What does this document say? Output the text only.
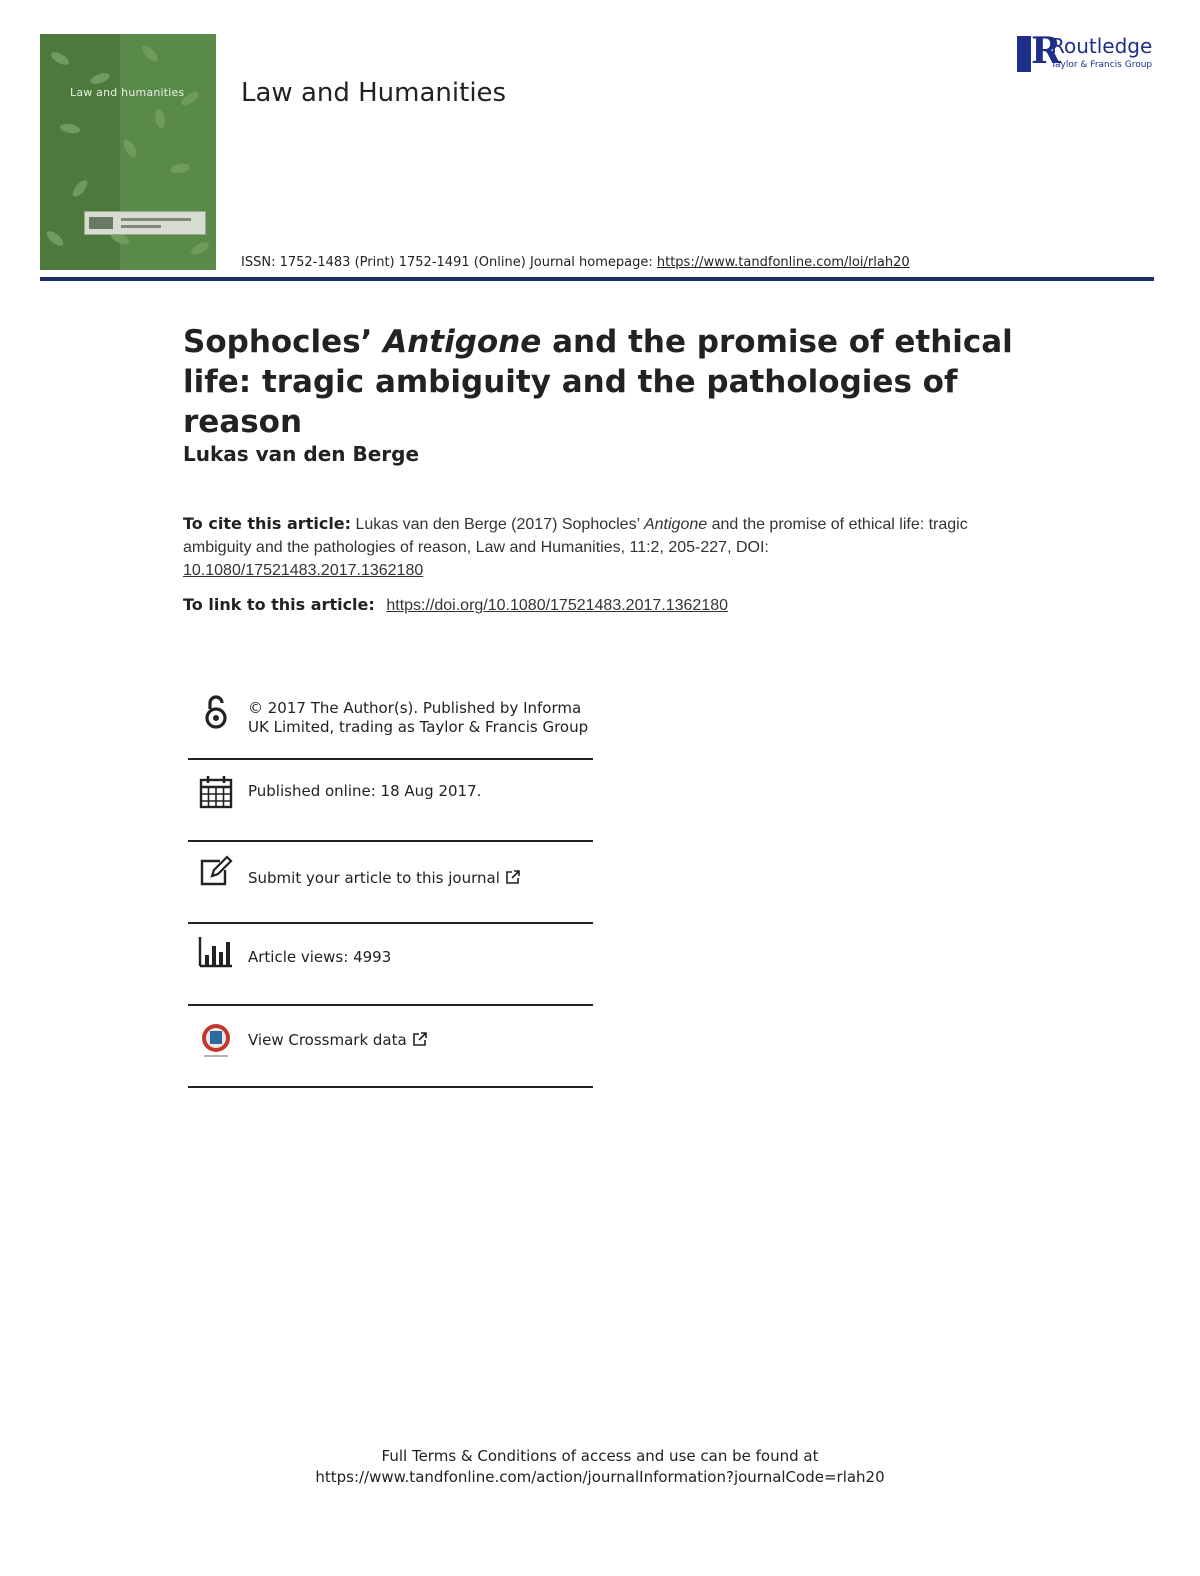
Law and humanities Law and Humanities
ISSN: 1752-1483 (Print) 1752-1491 (Online) Journal homepage: https://www.tandfonline.com/loi/rlah20
R
Routledge
Taylor & Francis Group
Sophocles’ Antigone and the promise of ethical life: tragic ambiguity and the pathologies of reason
Lukas van den Berge
To cite this article: Lukas van den Berge (2017) Sophocles’ Antigone and the promise of ethical life: tragic ambiguity and the pathologies of reason, Law and Humanities, 11:2, 205-227, DOI: 10.1080/17521483.2017.1362180
To link to this article: https://doi.org/10.1080/17521483.2017.1362180
© 2017 The Author(s). Published by Informa UK Limited, trading as Taylor & Francis Group
Published online: 18 Aug 2017.
Submit your article to this journal
Article views: 4993
View Crossmark data
Full Terms & Conditions of access and use can be found at
https://www.tandfonline.com/action/journalInformation?journalCode=rlah20
